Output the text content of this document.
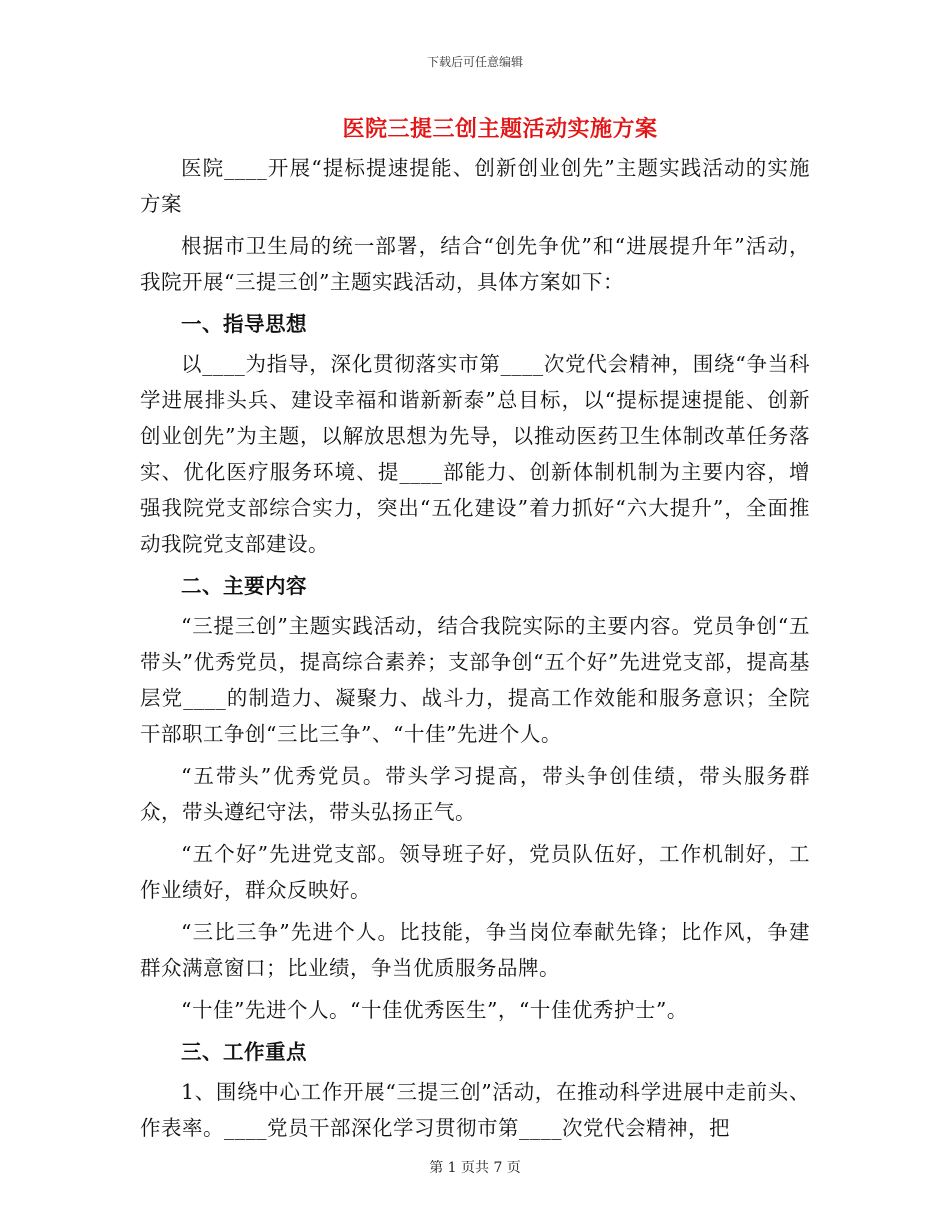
下载后可任意编辑
医院三提三创主题活动实施方案

医院____开展“提标提速提能、创新创业创先”主题实践活动的实施方案

根据市卫生局的统一部署，结合“创先争优”和“进展提升年”活动，我院开展“三提三创”主题实践活动，具体方案如下：

一、指导思想

以____为指导，深化贯彻落实市第____次党代会精神，围绕“争当科学进展排头兵、建设幸福和谐新新泰”总目标，以“提标提速提能、创新创业创先”为主题，以解放思想为先导，以推动医药卫生体制改革任务落实、优化医疗服务环境、提____部能力、创新体制机制为主要内容，增强我院党支部综合实力，突出“五化建设”着力抓好“六大提升”，全面推动我院党支部建设。

二、主要内容

“三提三创”主题实践活动，结合我院实际的主要内容。党员争创“五带头”优秀党员，提高综合素养；支部争创“五个好”先进党支部，提高基层党____的制造力、凝聚力、战斗力，提高工作效能和服务意识；全院干部职工争创“三比三争”、“十佳”先进个人。

“五带头”优秀党员。带头学习提高，带头争创佳绩，带头服务群众，带头遵纪守法，带头弘扬正气。

“五个好”先进党支部。领导班子好，党员队伍好，工作机制好，工作业绩好，群众反映好。

“三比三争”先进个人。比技能，争当岗位奉献先锋；比作风，争建群众满意窗口；比业绩，争当优质服务品牌。

“十佳”先进个人。“十佳优秀医生”，“十佳优秀护士”。

三、工作重点

1、围绕中心工作开展“三提三创”活动，在推动科学进展中走前头、作表率。____党员干部深化学习贯彻市第____次党代会精神，把

第 1 页共 7 页
